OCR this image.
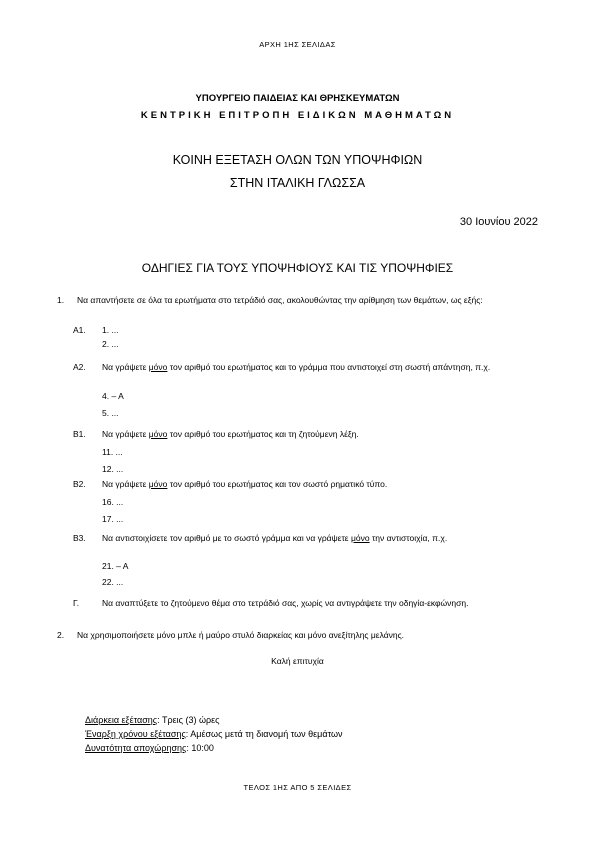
ΑΡΧΗ 1ΗΣ ΣΕΛΙΔΑΣ
ΥΠΟΥΡΓΕΙΟ ΠΑΙΔΕΙΑΣ ΚΑΙ ΘΡΗΣΚΕΥΜΑΤΩΝ
ΚΕΝΤΡΙΚΗ ΕΠΙΤΡΟΠΗ ΕΙΔΙΚΩΝ ΜΑΘΗΜΑΤΩΝ
ΚΟΙΝΗ ΕΞΕΤΑΣΗ ΟΛΩΝ ΤΩΝ ΥΠΟΨΗΦΙΩΝ
ΣΤΗΝ ΙΤΑΛΙΚΗ ΓΛΩΣΣΑ
30 Ιουνίου 2022
ΟΔΗΓΙΕΣ ΓΙΑ ΤΟΥΣ ΥΠΟΨΗΦΙΟΥΣ ΚΑΙ ΤΙΣ ΥΠΟΨΗΦΙΕΣ
1. Να απαντήσετε σε όλα τα ερωτήματα στο τετράδιό σας, ακολουθώντας την αρίθμηση των θεμάτων, ως εξής:
Α1. 1. ...
2. ...
Α2. Να γράψετε μόνο τον αριθμό του ερωτήματος και το γράμμα που αντιστοιχεί στη σωστή απάντηση, π.χ.
4. – Α
5. ...
Β1. Να γράψετε μόνο τον αριθμό του ερωτήματος και τη ζητούμενη λέξη.
11. ...
12. ...
Β2. Να γράψετε μόνο τον αριθμό του ερωτήματος και τον σωστό ρηματικό τύπο.
16. ...
17. ...
Β3. Να αντιστοιχίσετε τον αριθμό με το σωστό γράμμα και να γράψετε μόνο την αντιστοιχία, π.χ.
21. – Α
22. ...
Γ.	Να αναπτύξετε το ζητούμενο θέμα στο τετράδιό σας, χωρίς να αντιγράψετε την οδηγία-εκφώνηση.
2. Να χρησιμοποιήσετε μόνο μπλε ή μαύρο στυλό διαρκείας και μόνο ανεξίτηλης μελάνης.
Καλή επιτυχία
Διάρκεια εξέτασης: Τρεις (3) ώρες
Έναρξη χρόνου εξέτασης: Αμέσως μετά τη διανομή των θεμάτων
Δυνατότητα αποχώρησης: 10:00
ΤΕΛΟΣ 1ΗΣ ΑΠΟ 5 ΣΕΛΙΔΕΣ
